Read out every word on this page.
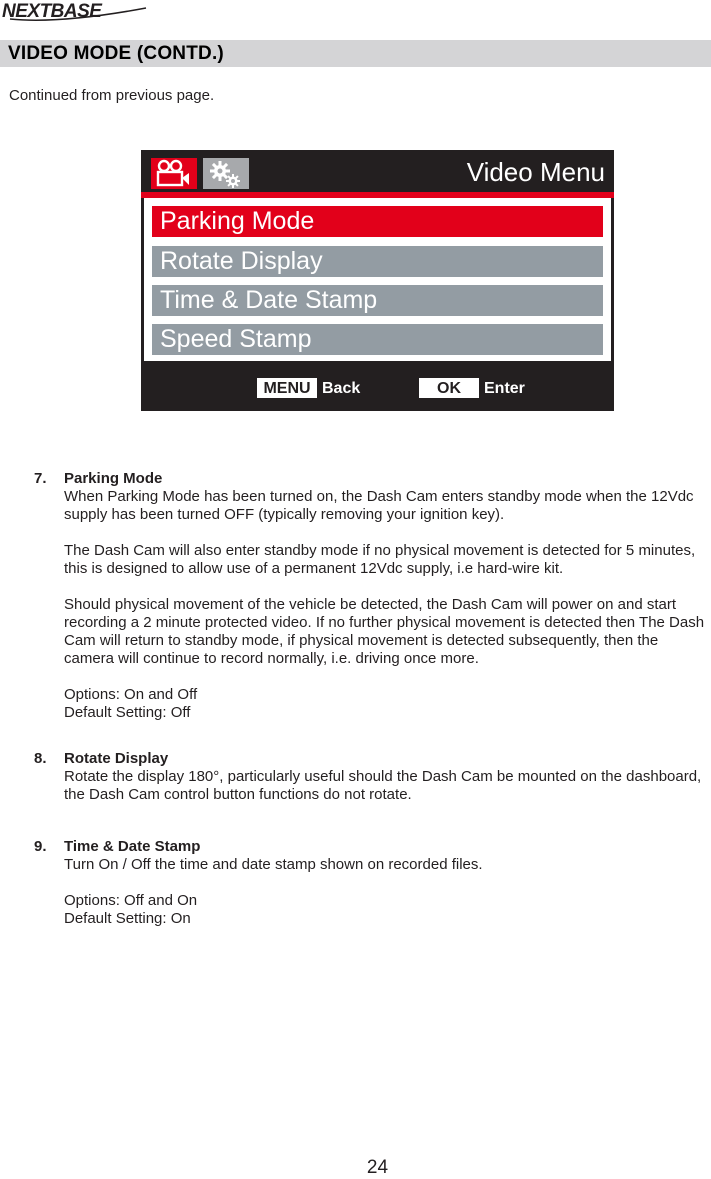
NEXTBASE
VIDEO MODE (CONTD.)
Continued from previous page.
Video Menu
Parking Mode
Rotate Display
Time & Date Stamp
Speed Stamp
MENU Back	OK	Enter
7. Parking Mode

When Parking Mode has been turned on, the Dash Cam enters standby mode when the 12Vdc supply has been turned OFF (typically removing your ignition key).

The Dash Cam will also enter standby mode if no physical movement is detected for 5 minutes, this is designed to allow use of a permanent 12Vdc supply, i.e hard-wire kit.

Should physical movement of the vehicle be detected, the Dash Cam will power on and start recording a 2 minute protected video. If no further physical movement is detected then The Dash Cam will return to standby mode, if physical movement is detected subsequently, then the camera will continue to record normally, i.e. driving once more.

Options: On and Off
Default Setting: Off

8. Rotate Display

Rotate the display 180°, particularly useful should the Dash Cam be mounted on the dashboard, the Dash Cam control button functions do not rotate.

9. Time & Date Stamp

Turn On / Off the time and date stamp shown on recorded files.

Options: Off and On
Default Setting: On

24
